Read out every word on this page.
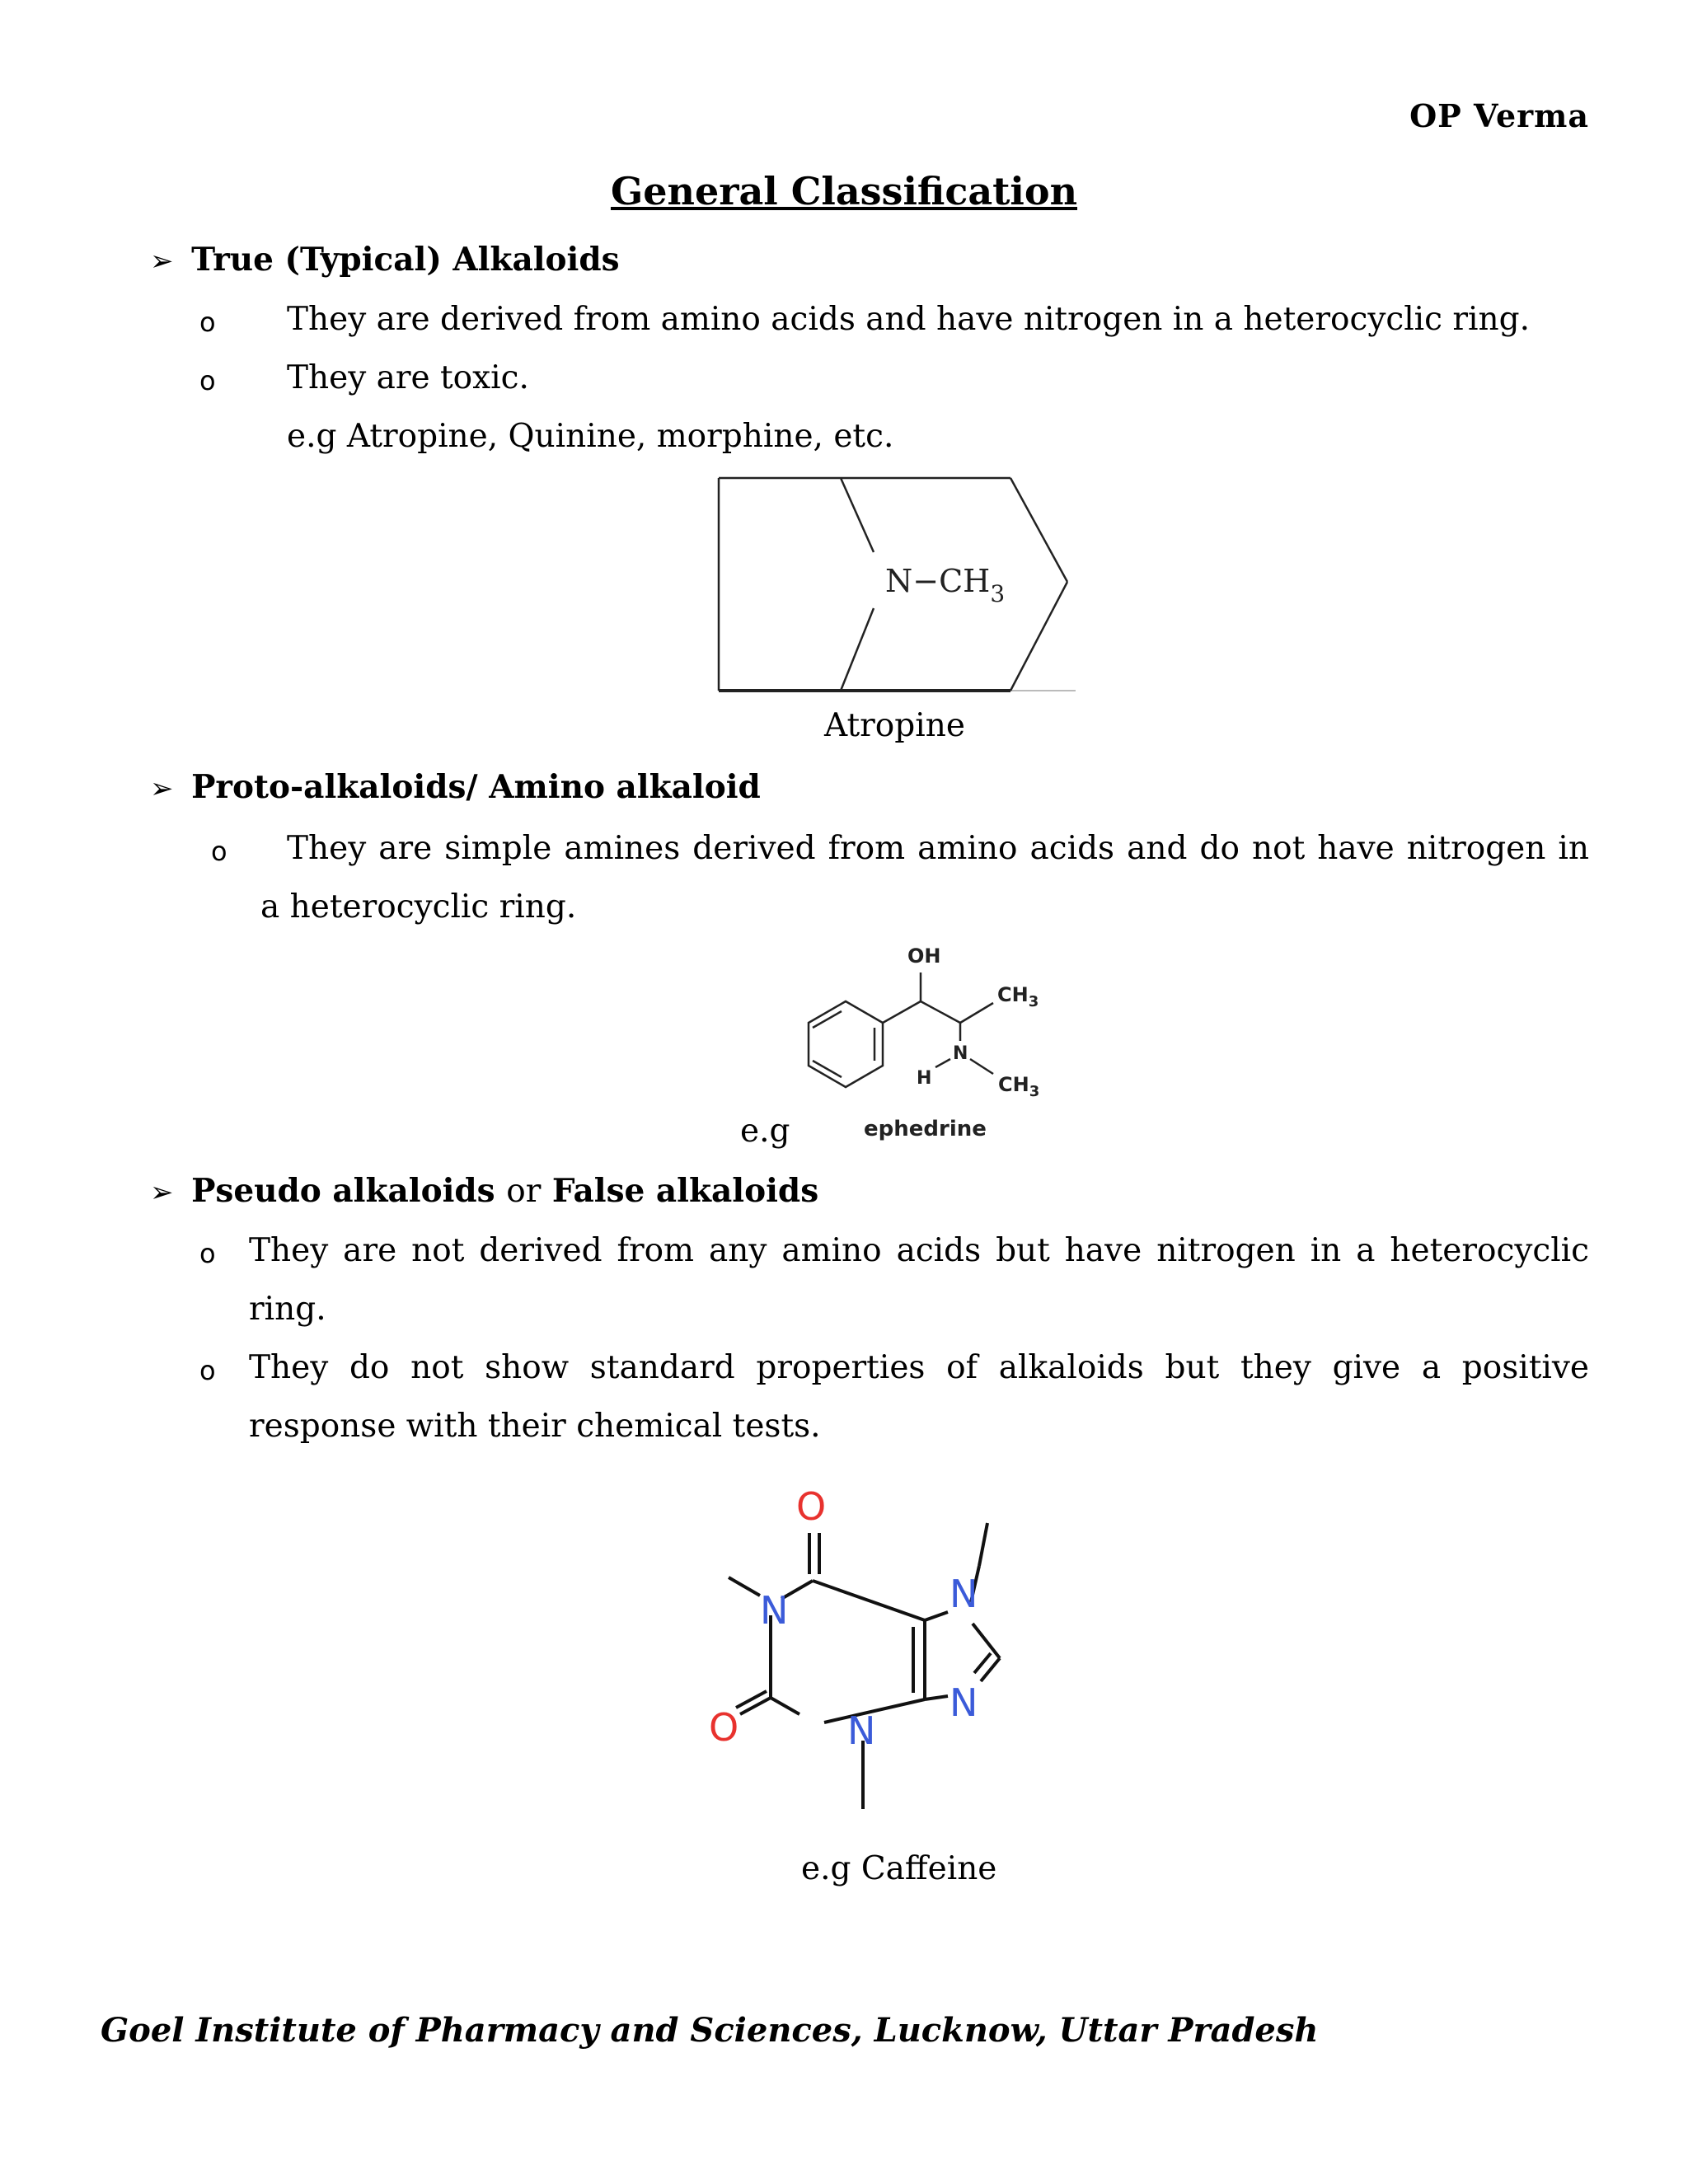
OP Verma
General Classification
➢ True (Typical) Alkaloids
o They are derived from amino acids and have nitrogen in a heterocyclic ring.
o They are toxic.
e.g Atropine, Quinine, morphine, etc.
$N-CH_3$
Atropine
➢ Proto-alkaloids/ Amino alkaloid
o	They are simple amines derived from amino acids and do not have nitrogen in a heterocyclic ring.
OH
$CH_3$
N
H	$CH_3$
ephedrine
e.g
➢ Pseudo alkaloids or False alkaloids
o They are not derived from any amino acids but have nitrogen in a heterocyclic ring.
o They do not show standard properties of alkaloids but they give a positive response with their chemical tests.
O
O
N
N
N
N
e.g Caffeine
Goel Institute of Pharmacy and Sciences, Lucknow, Uttar Pradesh
